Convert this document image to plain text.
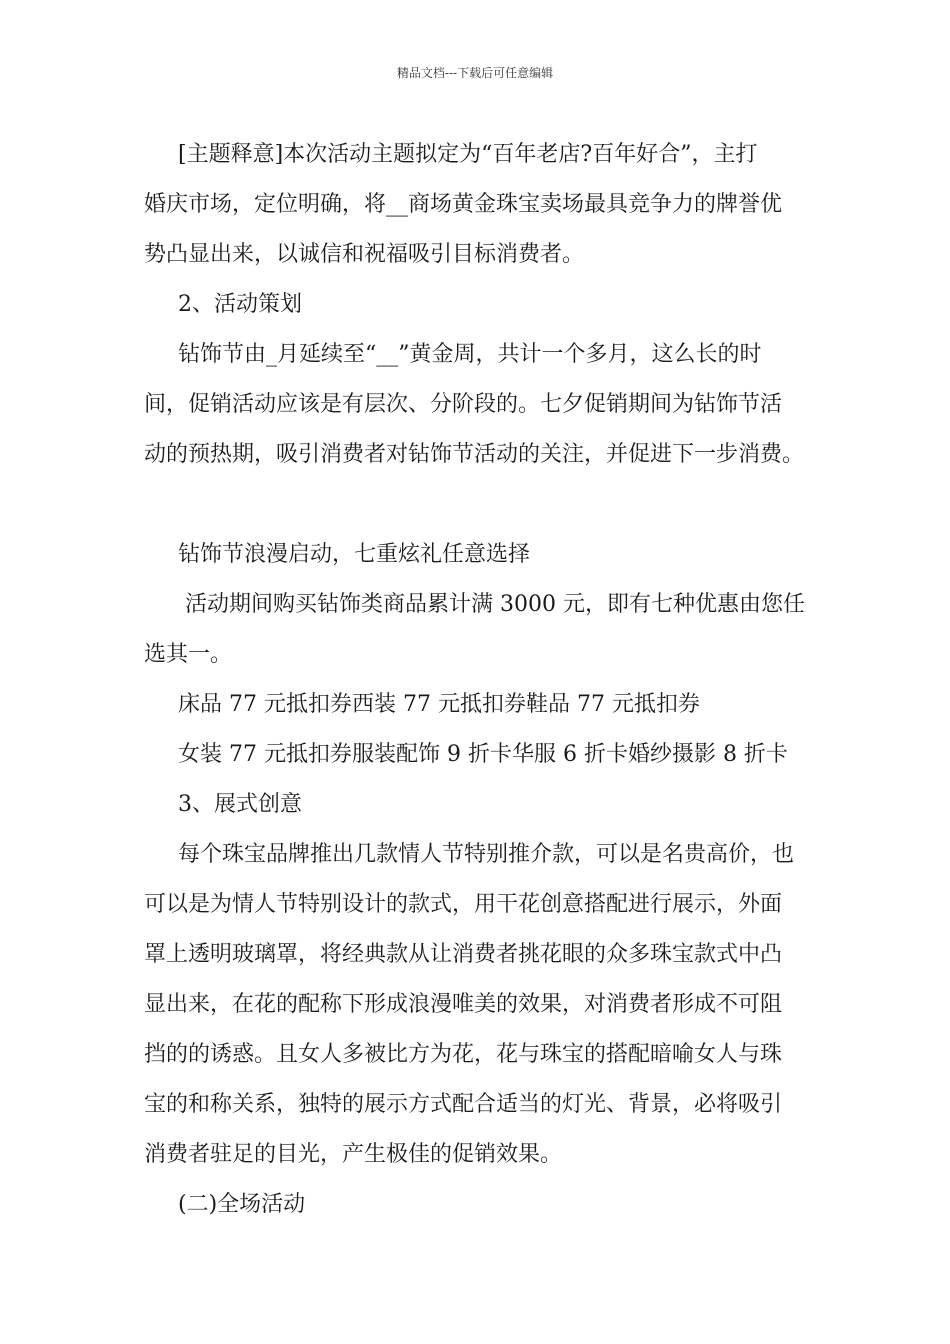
精品文档---下载后可任意编辑

[主题释意]本次活动主题拟定为“百年老店?百年好合”，主打
婚庆市场，定位明确，将__商场黄金珠宝卖场最具竞争力的牌誉优
势凸显出来，以诚信和祝福吸引目标消费者。

2、活动策划

钻饰节由_月延续至“__”黄金周，共计一个多月，这么长的时
间，促销活动应该是有层次、分阶段的。七夕促销期间为钻饰节活
动的预热期，吸引消费者对钻饰节活动的关注，并促进下一步消费。

钻饰节浪漫启动，七重炫礼任意选择

活动期间购买钻饰类商品累计满 3000 元，即有七种优惠由您任
选其一。

床品 77 元抵扣券西装 77 元抵扣券鞋品 77 元抵扣券

女装 77 元抵扣券服装配饰 9 折卡华服 6 折卡婚纱摄影 8 折卡

3、展式创意

每个珠宝品牌推出几款情人节特别推介款，可以是名贵高价，也
可以是为情人节特别设计的款式，用干花创意搭配进行展示，外面
罩上透明玻璃罩，将经典款从让消费者挑花眼的众多珠宝款式中凸
显出来，在花的配称下形成浪漫唯美的效果，对消费者形成不可阻
挡的的诱惑。且女人多被比方为花，花与珠宝的搭配暗喻女人与珠
宝的和称关系，独特的展示方式配合适当的灯光、背景，必将吸引
消费者驻足的目光，产生极佳的促销效果。

(二)全场活动
